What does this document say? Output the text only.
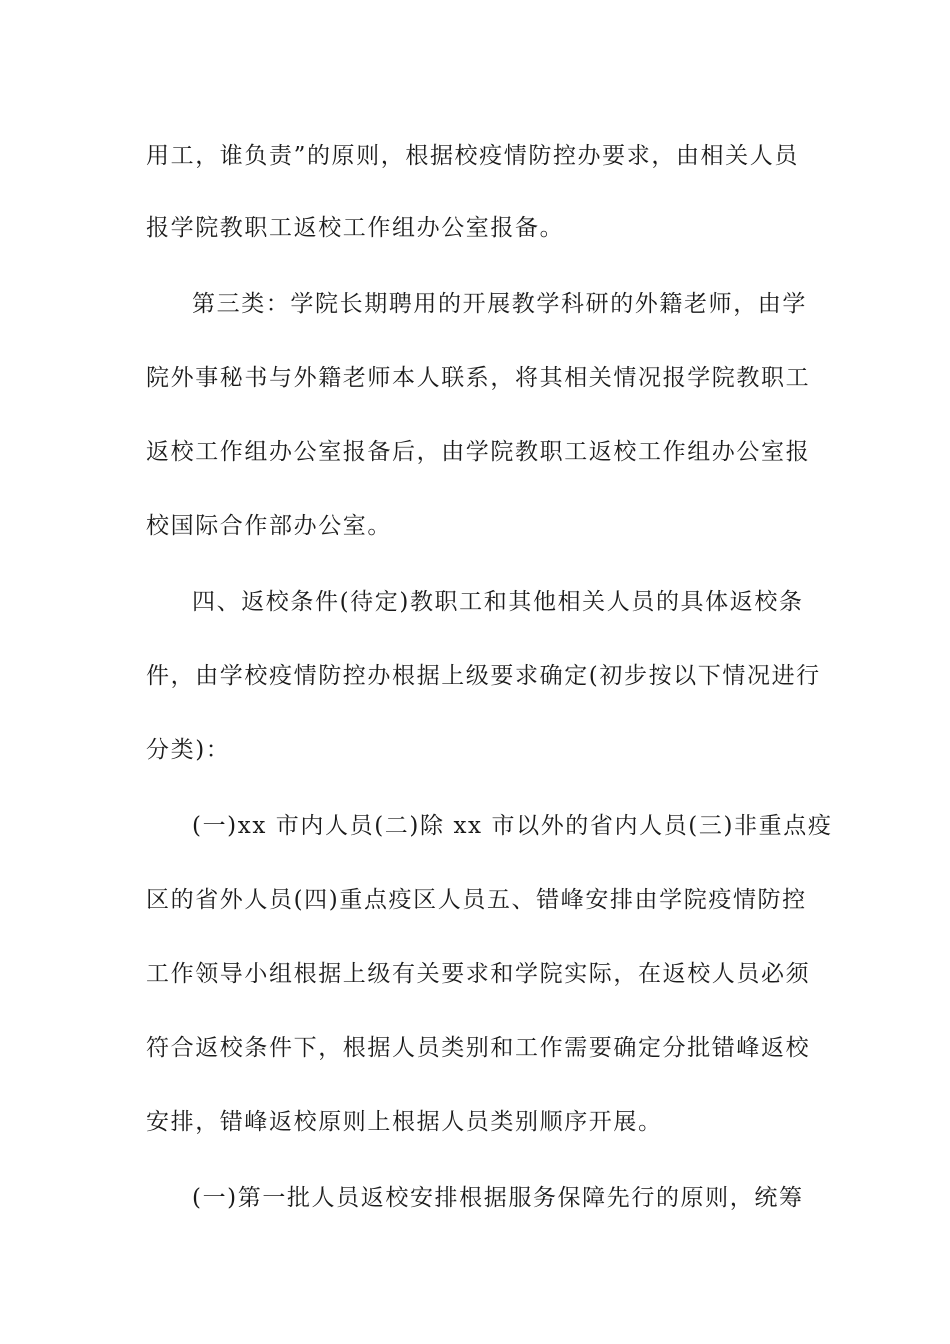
用工，谁负责”的原则，根据校疫情防控办要求，由相关人员
报学院教职工返校工作组办公室报备。
第三类：学院长期聘用的开展教学科研的外籍老师，由学
院外事秘书与外籍老师本人联系，将其相关情况报学院教职工
返校工作组办公室报备后，由学院教职工返校工作组办公室报
校国际合作部办公室。
四、返校条件(待定)教职工和其他相关人员的具体返校条
件，由学校疫情防控办根据上级要求确定(初步按以下情况进行
分类)：
(一)xx 市内人员(二)除 xx 市以外的省内人员(三)非重点疫
区的省外人员(四)重点疫区人员五、错峰安排由学院疫情防控
工作领导小组根据上级有关要求和学院实际，在返校人员必须
符合返校条件下，根据人员类别和工作需要确定分批错峰返校
安排，错峰返校原则上根据人员类别顺序开展。
(一)第一批人员返校安排根据服务保障先行的原则，统筹
